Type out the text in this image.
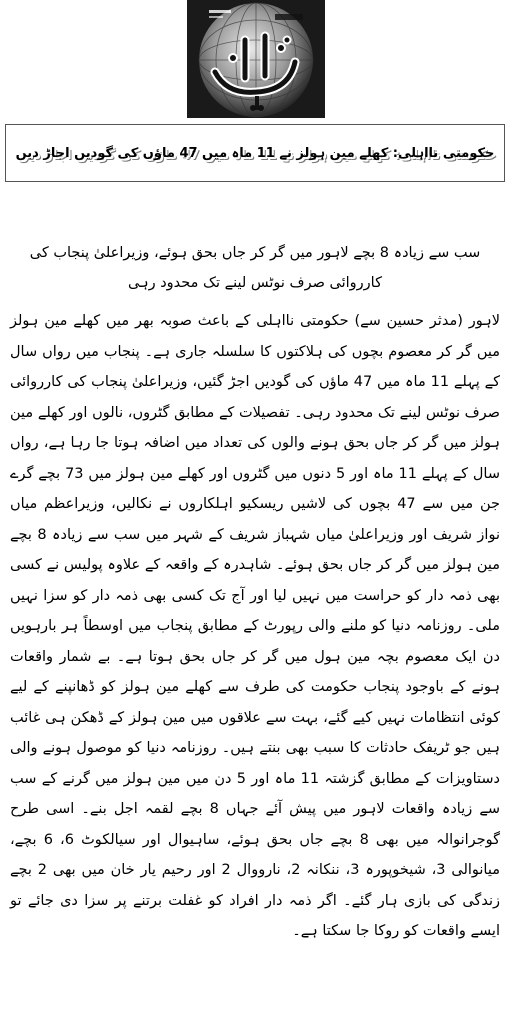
حکومتی نااہلی: کھلے مین ہولز نے 11 ماہ میں 47 ماؤں کی گودیں اجاڑ دیں

سب سے زیادہ 8 بچے لاہور میں گر کر جاں بحق ہوئے، وزیراعلیٰ پنجاب کی کارروائی صرف نوٹس لینے تک محدود رہی

لاہور (مدثر حسین سے) حکومتی نااہلی کے باعث صوبہ بھر میں کھلے مین ہولز میں گر کر معصوم بچوں کی ہلاکتوں کا سلسلہ جاری ہے۔ پنجاب میں رواں سال کے پہلے 11 ماہ میں 47 ماؤں کی گودیں اجڑ گئیں، وزیراعلیٰ پنجاب کی کارروائی صرف نوٹس لینے تک محدود رہی۔ تفصیلات کے مطابق گٹروں، نالوں اور کھلے مین ہولز میں گر کر جاں بحق ہونے والوں کی تعداد میں اضافہ ہوتا جا رہا ہے، رواں سال کے پہلے 11 ماہ اور 5 دنوں میں گٹروں اور کھلے مین ہولز میں 73 بچے گرے جن میں سے 47 بچوں کی لاشیں ریسکیو اہلکاروں نے نکالیں، وزیراعظم میاں نواز شریف اور وزیراعلیٰ میاں شہباز شریف کے شہر میں سب سے زیادہ 8 بچے مین ہولز میں گر کر جاں بحق ہوئے۔ شاہدرہ کے واقعہ کے علاوہ پولیس نے کسی بھی ذمہ دار کو حراست میں نہیں لیا اور آج تک کسی بھی ذمہ دار کو سزا نہیں ملی۔ روزنامہ دنیا کو ملنے والی رپورٹ کے مطابق پنجاب میں اوسطاً ہر بارہویں دن ایک معصوم بچہ مین ہول میں گر کر جاں بحق ہوتا ہے۔ بے شمار واقعات ہونے کے باوجود پنجاب حکومت کی طرف سے کھلے مین ہولز کو ڈھانپنے کے لیے کوئی انتظامات نہیں کیے گئے، بہت سے علاقوں میں مین ہولز کے ڈھکن ہی غائب ہیں جو ٹریفک حادثات کا سبب بھی بنتے ہیں۔ روزنامہ دنیا کو موصول ہونے والی دستاویزات کے مطابق گزشتہ 11 ماہ اور 5 دن میں مین ہولز میں گرنے کے سب سے زیادہ واقعات لاہور میں پیش آئے جہاں 8 بچے لقمہ اجل بنے۔ اسی طرح گوجرانوالہ میں بھی 8 بچے جاں بحق ہوئے، ساہیوال اور سیالکوٹ 6، 6 بچے، میانوالی 3، شیخوپورہ 3، ننکانہ 2، نارووال 2 اور رحیم یار خان میں بھی 2 بچے زندگی کی بازی ہار گئے۔ اگر ذمہ دار افراد کو غفلت برتنے پر سزا دی جائے تو ایسے واقعات کو روکا جا سکتا ہے۔
